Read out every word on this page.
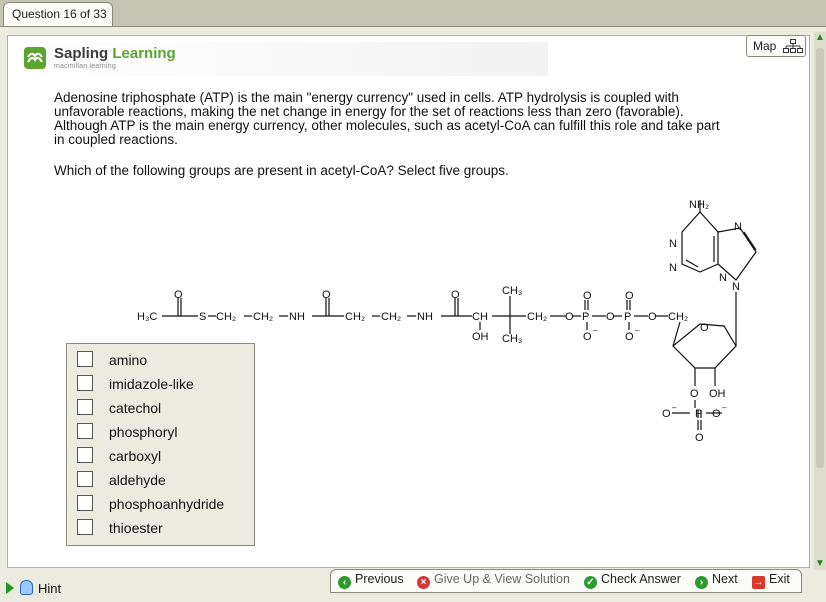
Question 16 of 33
▲
▼
Sapling Learning
macmillan learning
Map
Adenosine triphosphate (ATP) is the main "energy currency" used in cells. ATP hydrolysis is coupled with
unfavorable reactions, making the net change in energy for the set of reactions less than zero (favorable).
Although ATP is the main energy currency, other molecules, such as acetyl-CoA can fulfill this role and take part
in coupled reactions.
Which of the following groups are present in acetyl-CoA? Select five groups.
H₃C
O
S CH₂ CH₂ NH
O
CH₂ CH₂ NH
O
CH
OH
CH₃
CH₃
CH₂ O P
O
O
–
O P
O
O
–
O CH₂
O
O OH
P
O
–
O
–
O
NH₂
N
N
N
N
N
amino
imidazole-like
catechol
phosphoryl
carboxyl
aldehyde
phosphoanhydride
thioester
Hint	‹ Previous	× Give Up & View Solution ✓ Check Answer	› Next → Exit
